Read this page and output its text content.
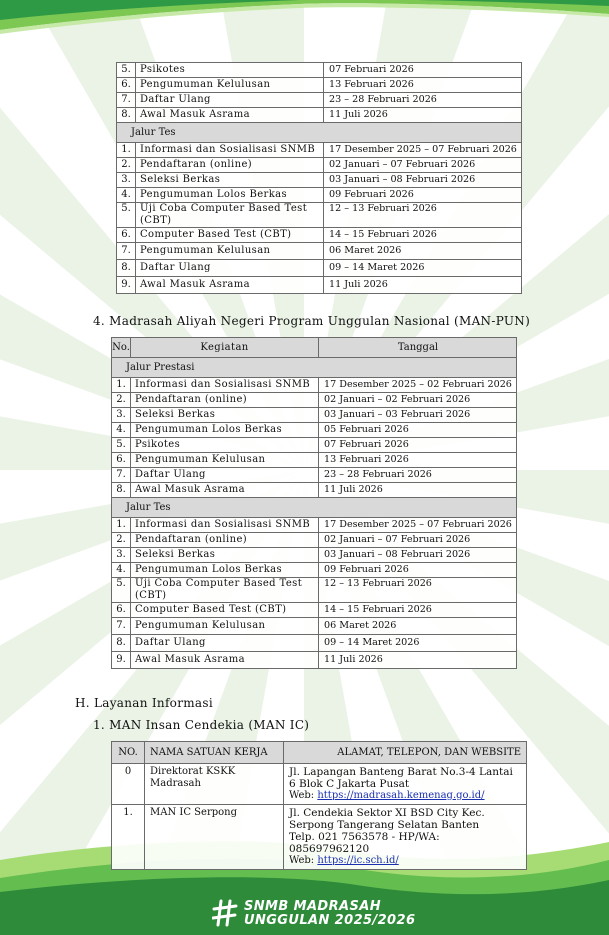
5.	Psikotes	07 Februari 2026
6.	Pengumuman Kelulusan	13 Februari 2026
7.	Daftar Ulang	23 – 28 Februari 2026
8.	Awal Masuk Asrama	11 Juli 2026
Jalur Tes		
1.	Informasi dan Sosialisasi SNMB	17 Desember 2025 – 07 Februari 2026
2.	Pendaftaran (online)	02 Januari – 07 Februari 2026
3.	Seleksi Berkas	03 Januari – 08 Februari 2026
4.	Pengumuman Lolos Berkas	09 Februari 2026
5.	Uji Coba Computer Based Test (CBT)	12 – 13 Februari 2026
6.	Computer Based Test (CBT)	14 – 15 Februari 2026
7.	Pengumuman Kelulusan	06 Maret 2026
8.	Daftar Ulang	09 – 14 Maret 2026
9.	Awal Masuk Asrama	11 Juli 2026
4. Madrasah Aliyah Negeri Program Unggulan Nasional (MAN-PUN)
No.	Kegiatan	Tanggal
Jalur Prestasi		
1.	Informasi dan Sosialisasi SNMB	17 Desember 2025 – 02 Februari 2026
2.	Pendaftaran (online)	02 Januari – 02 Februari 2026
3.	Seleksi Berkas	03 Januari – 03 Februari 2026
4.	Pengumuman Lolos Berkas	05 Februari 2026
5.	Psikotes	07 Februari 2026
6.	Pengumuman Kelulusan	13 Februari 2026
7.	Daftar Ulang	23 – 28 Februari 2026
8.	Awal Masuk Asrama	11 Juli 2026
Jalur Tes		
1.	Informasi dan Sosialisasi SNMB	17 Desember 2025 – 07 Februari 2026
2.	Pendaftaran (online)	02 Januari – 07 Februari 2026
3.	Seleksi Berkas	03 Januari – 08 Februari 2026
4.	Pengumuman Lolos Berkas	09 Februari 2026
5.	Uji Coba Computer Based Test (CBT)	12 – 13 Februari 2026
6.	Computer Based Test (CBT)	14 – 15 Februari 2026
7.	Pengumuman Kelulusan	06 Maret 2026
8.	Daftar Ulang	09 – 14 Maret 2026
9.	Awal Masuk Asrama	11 Juli 2026
H. Layanan Informasi
1. MAN Insan Cendekia (MAN IC)
NO.	NAMA SATUAN KERJA	ALAMAT, TELEPON, DAN WEBSITE
0	Direktorat KSKK Madrasah	Jl. Lapangan Banteng Barat No.3-4 Lantai 6 Blok C Jakarta Pusat
Web: https://madrasah.kemenag.go.id/

1.	MAN IC Serpong	Jl. Cendekia Sektor XI BSD City Kec. Serpong Tangerang Selatan Banten
Telp. 021 7563578 - HP/WA: 085697962120
Web: https://ic.sch.id/
SNMB MADRASAH
UNGGULAN 2025/2026
